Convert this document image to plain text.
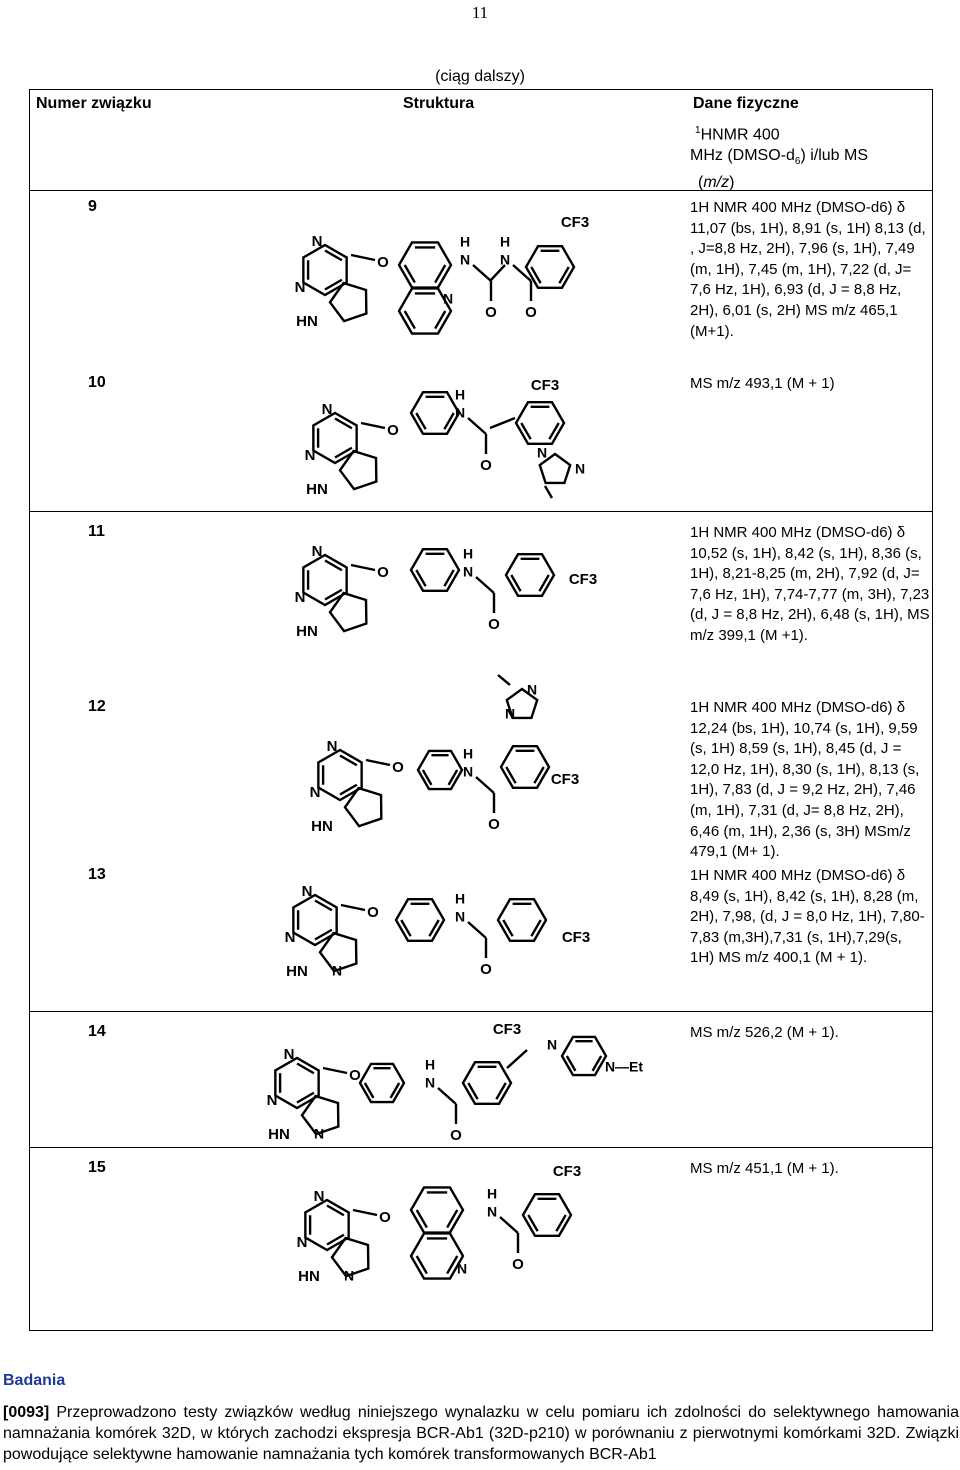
11
(ciąg dalszy)
Numer związku	Struktura	Dane fizyczne
$^1$HNMR 400
MHz $(DMSO-d_6)$ i/lub MS
(m/z)
9
10
11
12
13
14
15
1H NMR 400 MHz (DMSO-d6) δ 11,07 (bs, 1H), 8,91 (s, 1H) 8,13 (d, , J=8,8 Hz, 2H), 7,96 (s, 1H), 7,49 (m, 1H), 7,45 (m, 1H), 7,22 (d, J= 7,6 Hz, 1H), 6,93 (d, J = 8,8 Hz, 2H), 6,01 (s, 2H) MS m/z 465,1 (M+1).
MS m/z 493,1 (M + 1)
1H NMR 400 MHz (DMSO-d6) δ 10,52 (s, 1H), 8,42 (s, 1H), 8,36 (s, 1H), 8,21-8,25 (m, 2H), 7,92 (d, J= 7,6 Hz, 1H), 7,74-7,77 (m, 3H), 7,23 (d, J = 8,8 Hz, 2H), 6,48 (s, 1H), MS m/z 399,1 (M +1).
1H NMR 400 MHz (DMSO-d6) δ 12,24 (bs, 1H), 10,74 (s, 1H), 9,59 (s, 1H) 8,59 (s, 1H), 8,45 (d, J = 12,0 Hz, 1H), 8,30 (s, 1H), 8,13 (s, 1H), 7,83 (d, J = 9,2 Hz, 2H), 7,46 (m, 1H), 7,31 (d, J= 8,8 Hz, 2H), 6,46 (m, 1H), 2,36 (s, 3H) MSm/z 479,1 (M+ 1).
1H NMR 400 MHz (DMSO-d6) δ 8,49 (s, 1H), 8,42 (s, 1H), 8,28 (m, 2H), 7,98, (d, J = 8,0 Hz, 1H), 7,80-7,83 (m,3H),7,31 (s, 1H),7,29(s, 1H) MS m/z 400,1 (M + 1).
MS m/z 526,2 (M + 1).
MS m/z 451,1 (M + 1).
N
N
HN
O
N
H
N
O
H
N
O
CF3
N
N
HN
O
H
N
O
CF3
N
N
N
N
HN
O
H
N
O
CF3
N
N
HN
O
H
N
O
CF3
N
N
N
N
N
HN
O
H
N
O
CF3
N
N
N
HN
O
H
N
O
CF3
N
N—Et
N
N
N
HN
O
N
H
N
O
CF3
Badania
[0093] Przeprowadzono testy związków według niniejszego wynalazku w celu pomiaru ich zdolności do selektywnego hamowania namnażania komórek 32D, w których zachodzi ekspresja BCR-Ab1 (32D-p210) w porównaniu z pierwotnymi komórkami 32D. Związki powodujące selektywne hamowanie namnażania tych komórek transformowanych BCR-Ab1
